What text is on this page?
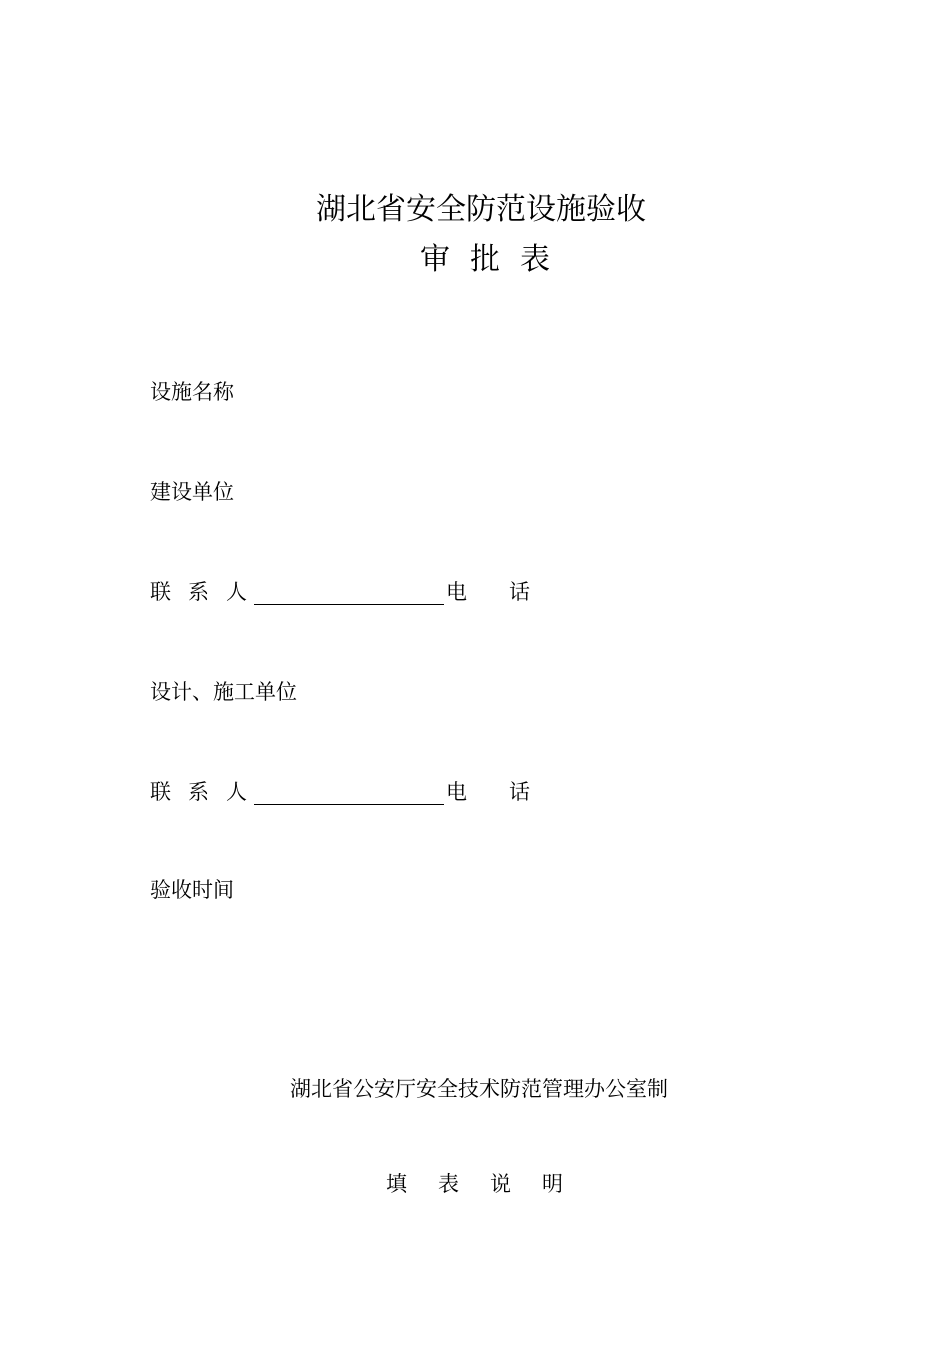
湖北省安全防范设施验收
审批表
设施名称
建设单位
联 系 人	电 话
设计、施工单位
联 系 人	电 话
验收时间
湖北省公安厅安全技术防范管理办公室制
填 表 说 明
